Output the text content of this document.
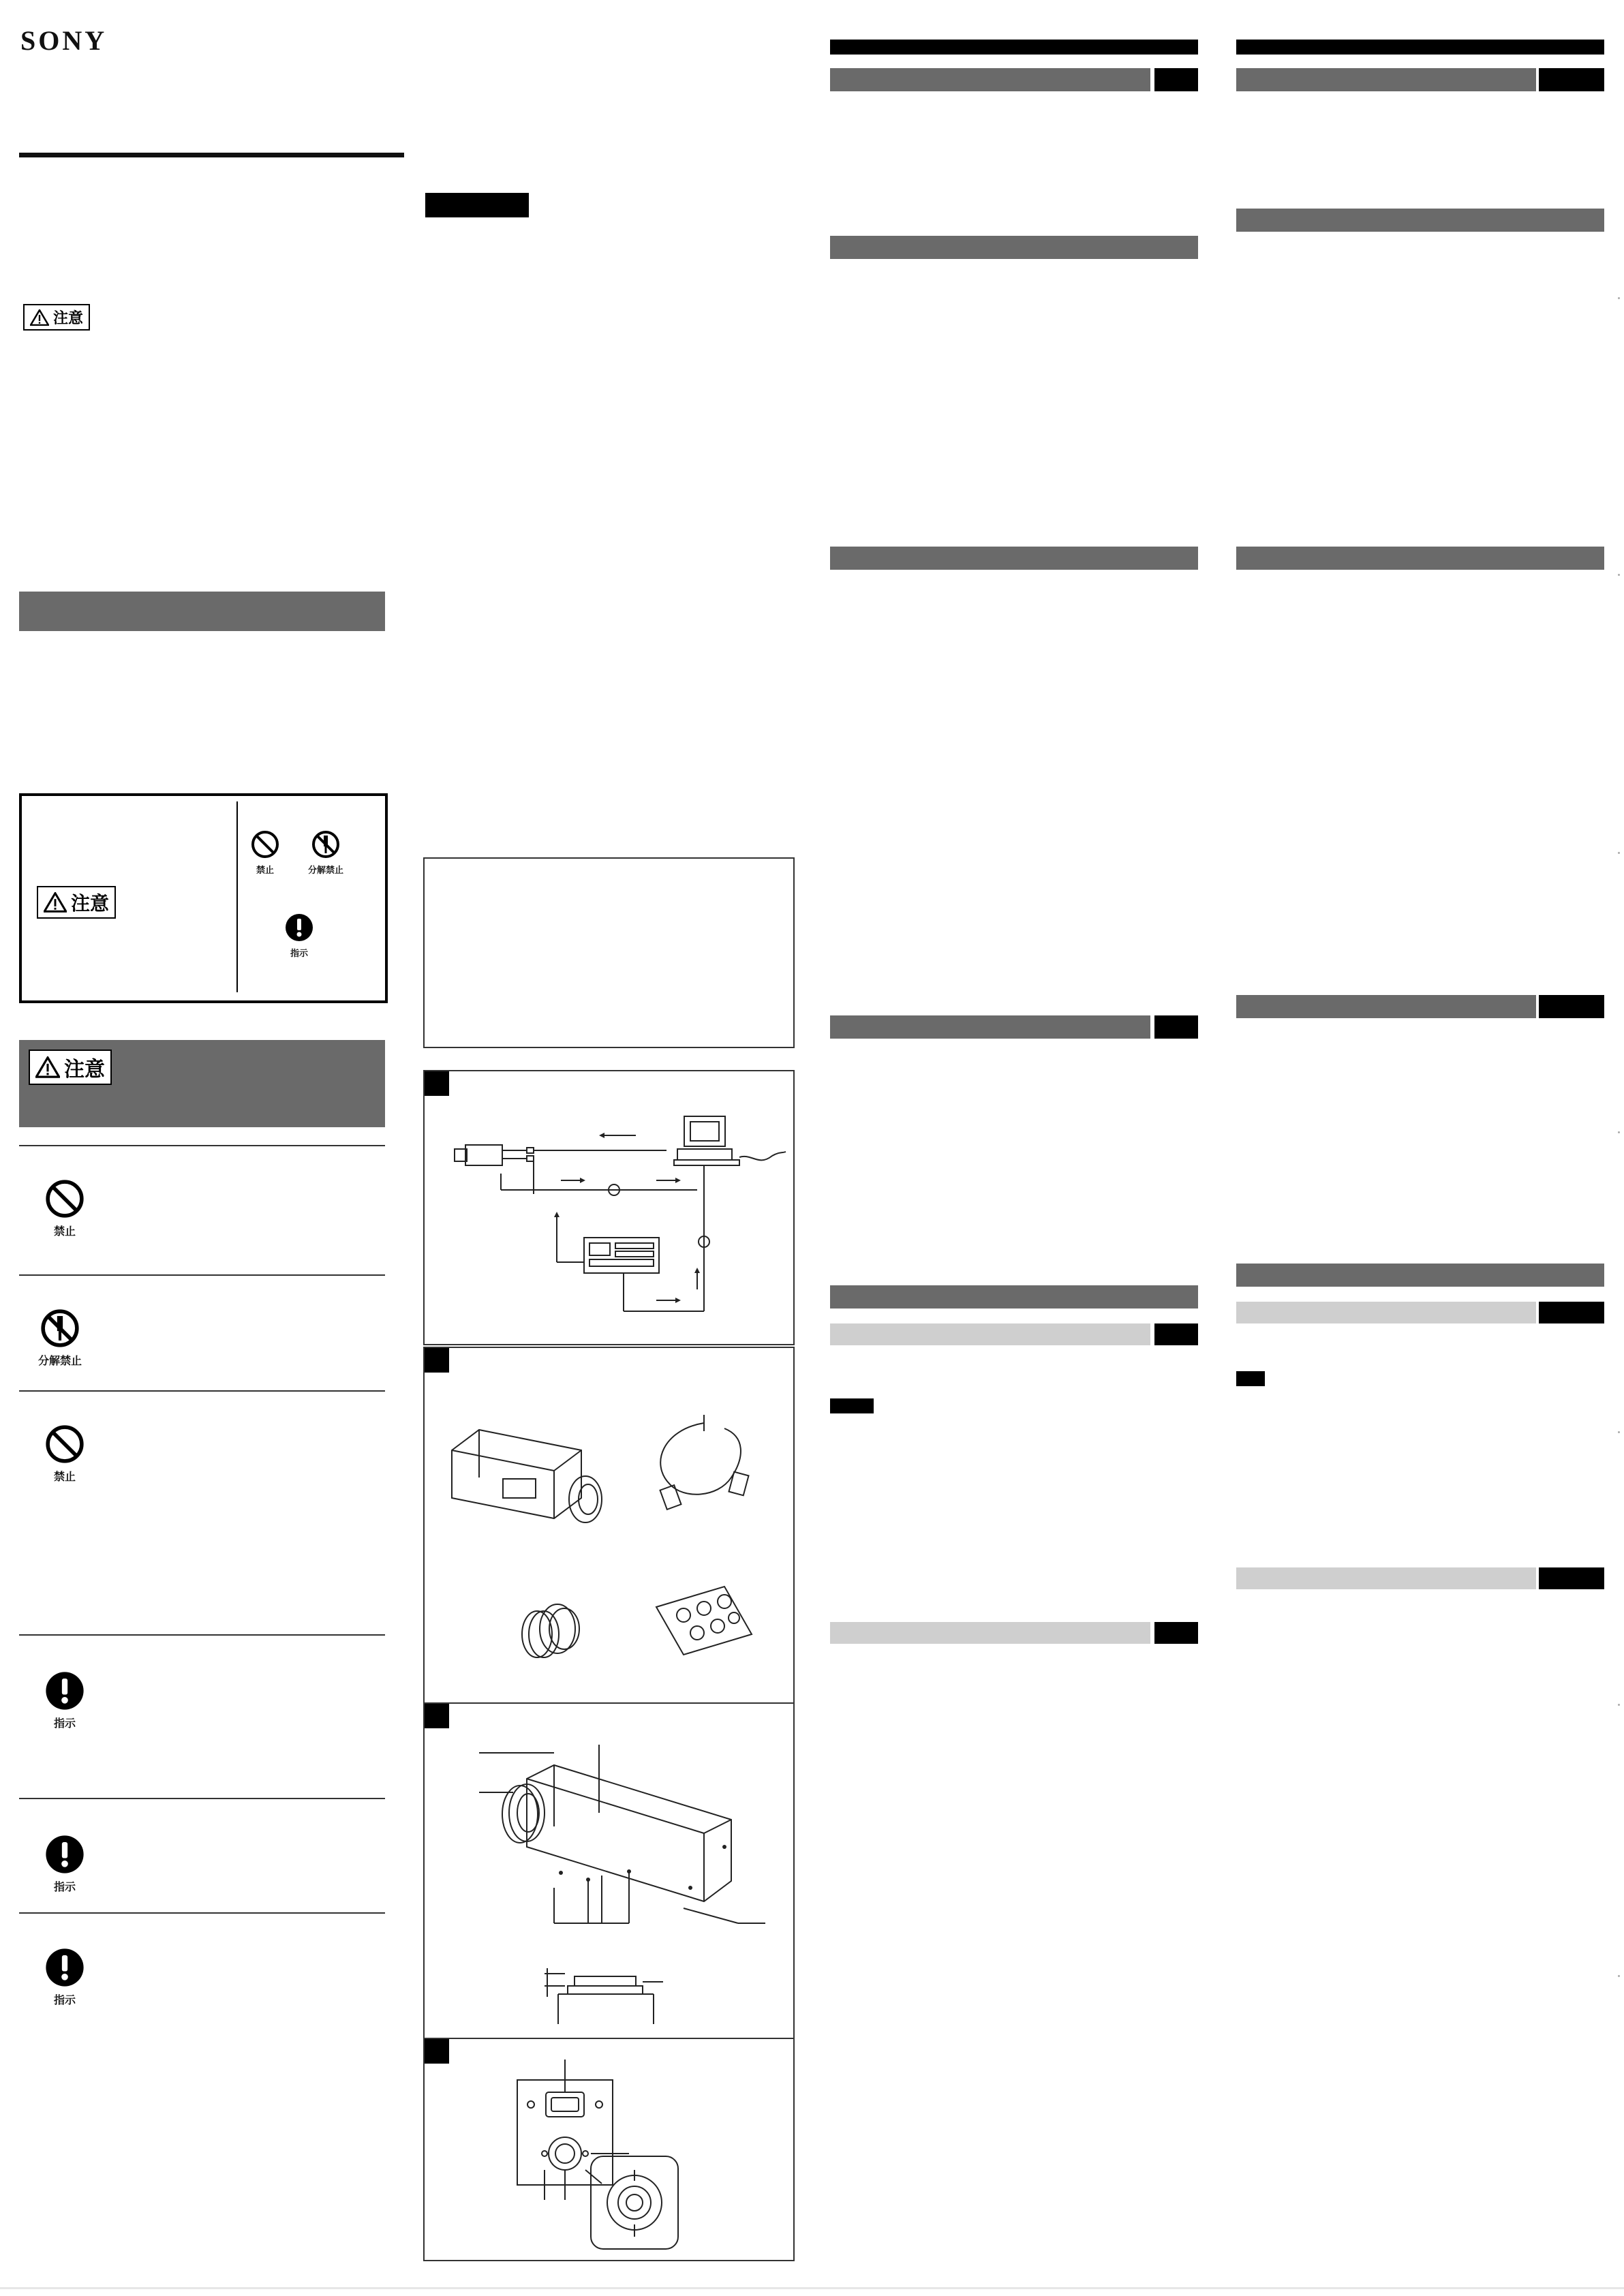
SONY
注意
注意
禁止	分解禁止
指示
注意
禁止
分解禁止
禁止
指示
指示
指示
